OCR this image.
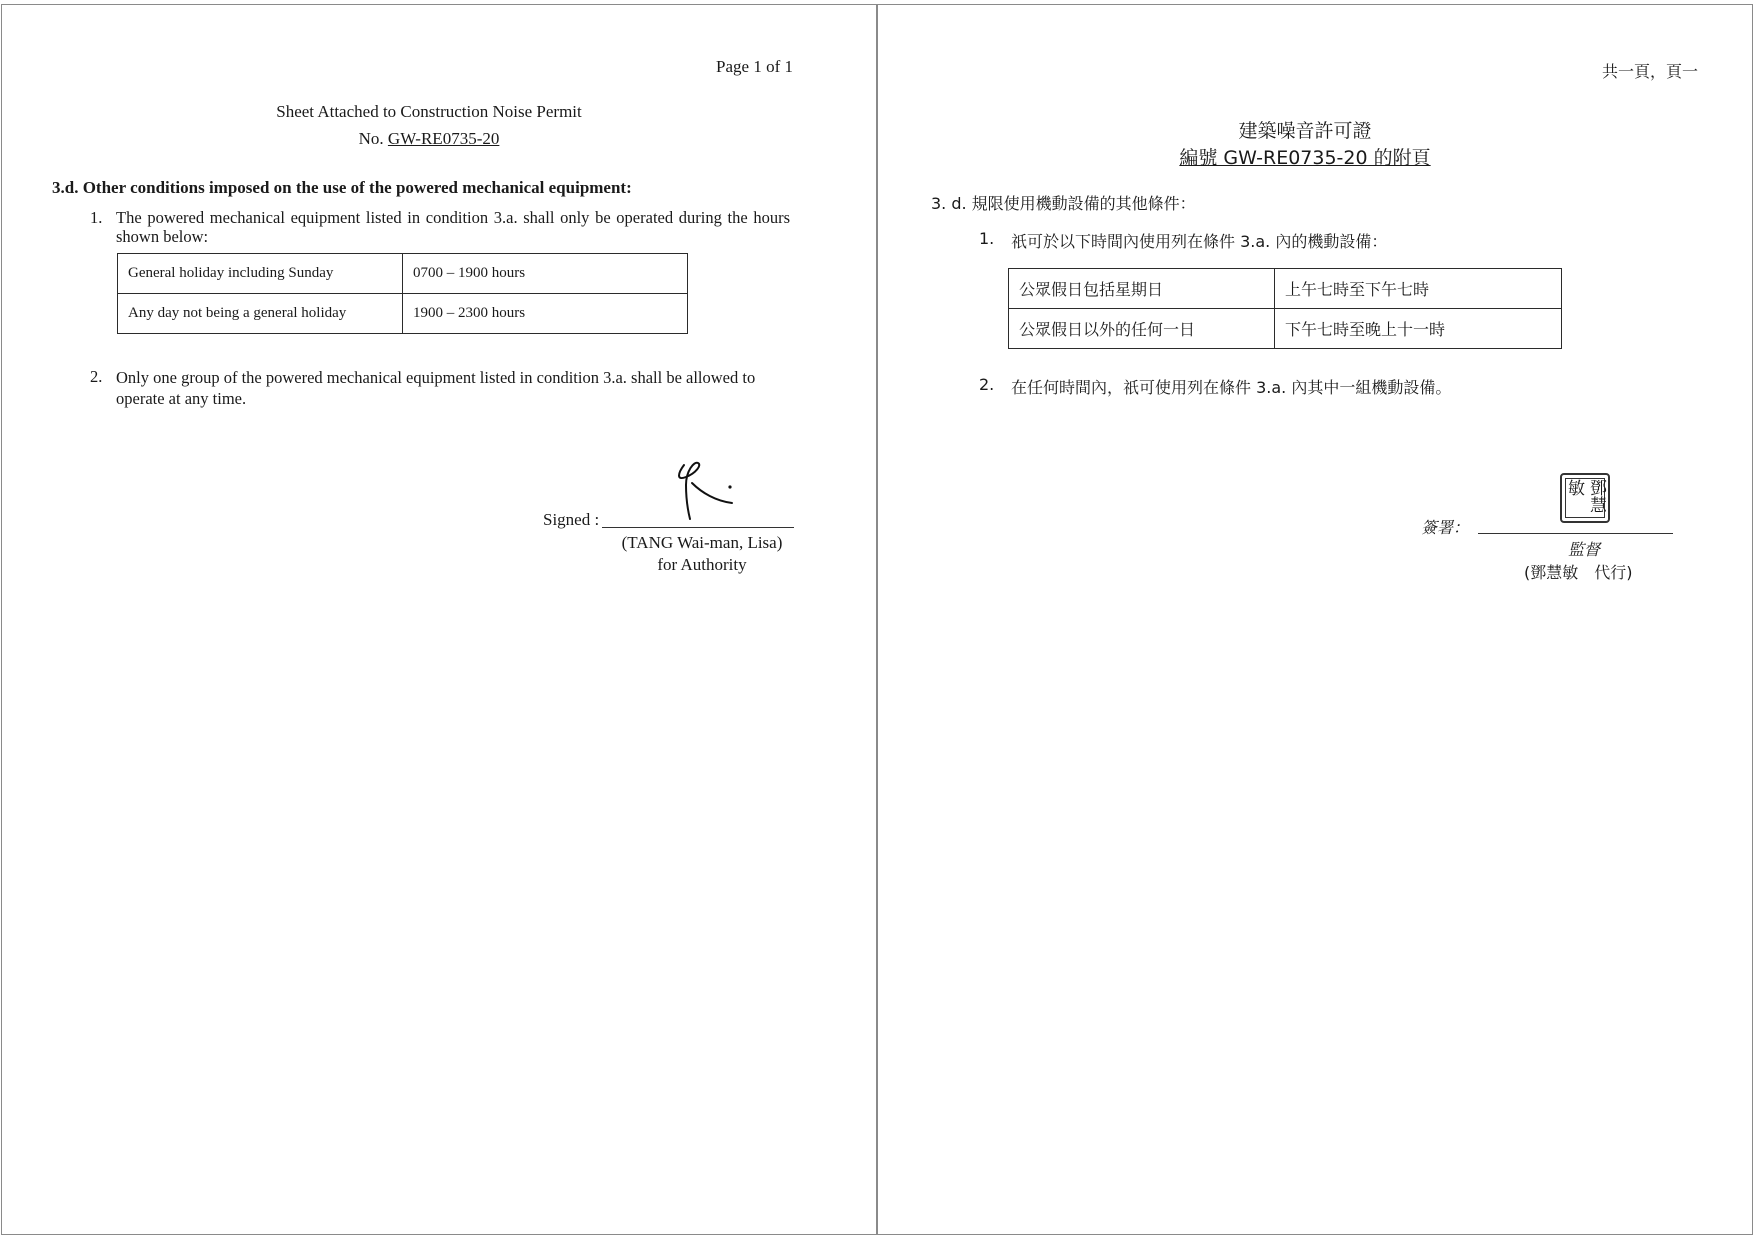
Page 1 of 1
Sheet Attached to Construction Noise Permit
No. GW-RE0735-20
3.d. Other conditions imposed on the use of the powered mechanical equipment:
1. The powered mechanical equipment listed in condition 3.a. shall only be operated during the hours shown below:
General holiday including Sunday	0700 – 1900 hours
Any day not being a general holiday	1900 – 2300 hours
2. Only one group of the powered mechanical equipment listed in condition 3.a. shall be allowed to operate at any time.
Signed :
(TANG Wai-man, Lisa)
for Authority
共一頁，頁一
建築噪音許可證
編號 GW-RE0735-20 的附頁
3. d. 規限使用機動設備的其他條件：
1. 祇可於以下時間內使用列在條件 3.a. 內的機動設備：
公眾假日包括星期日	上午七時至下午七時
公眾假日以外的任何一日	下午七時至晚上十一時
2. 在任何時間內，祇可使用列在條件 3.a. 內其中一組機動設備。
簽署：
鄧慧
敏
監督
(鄧慧敏　代行)
